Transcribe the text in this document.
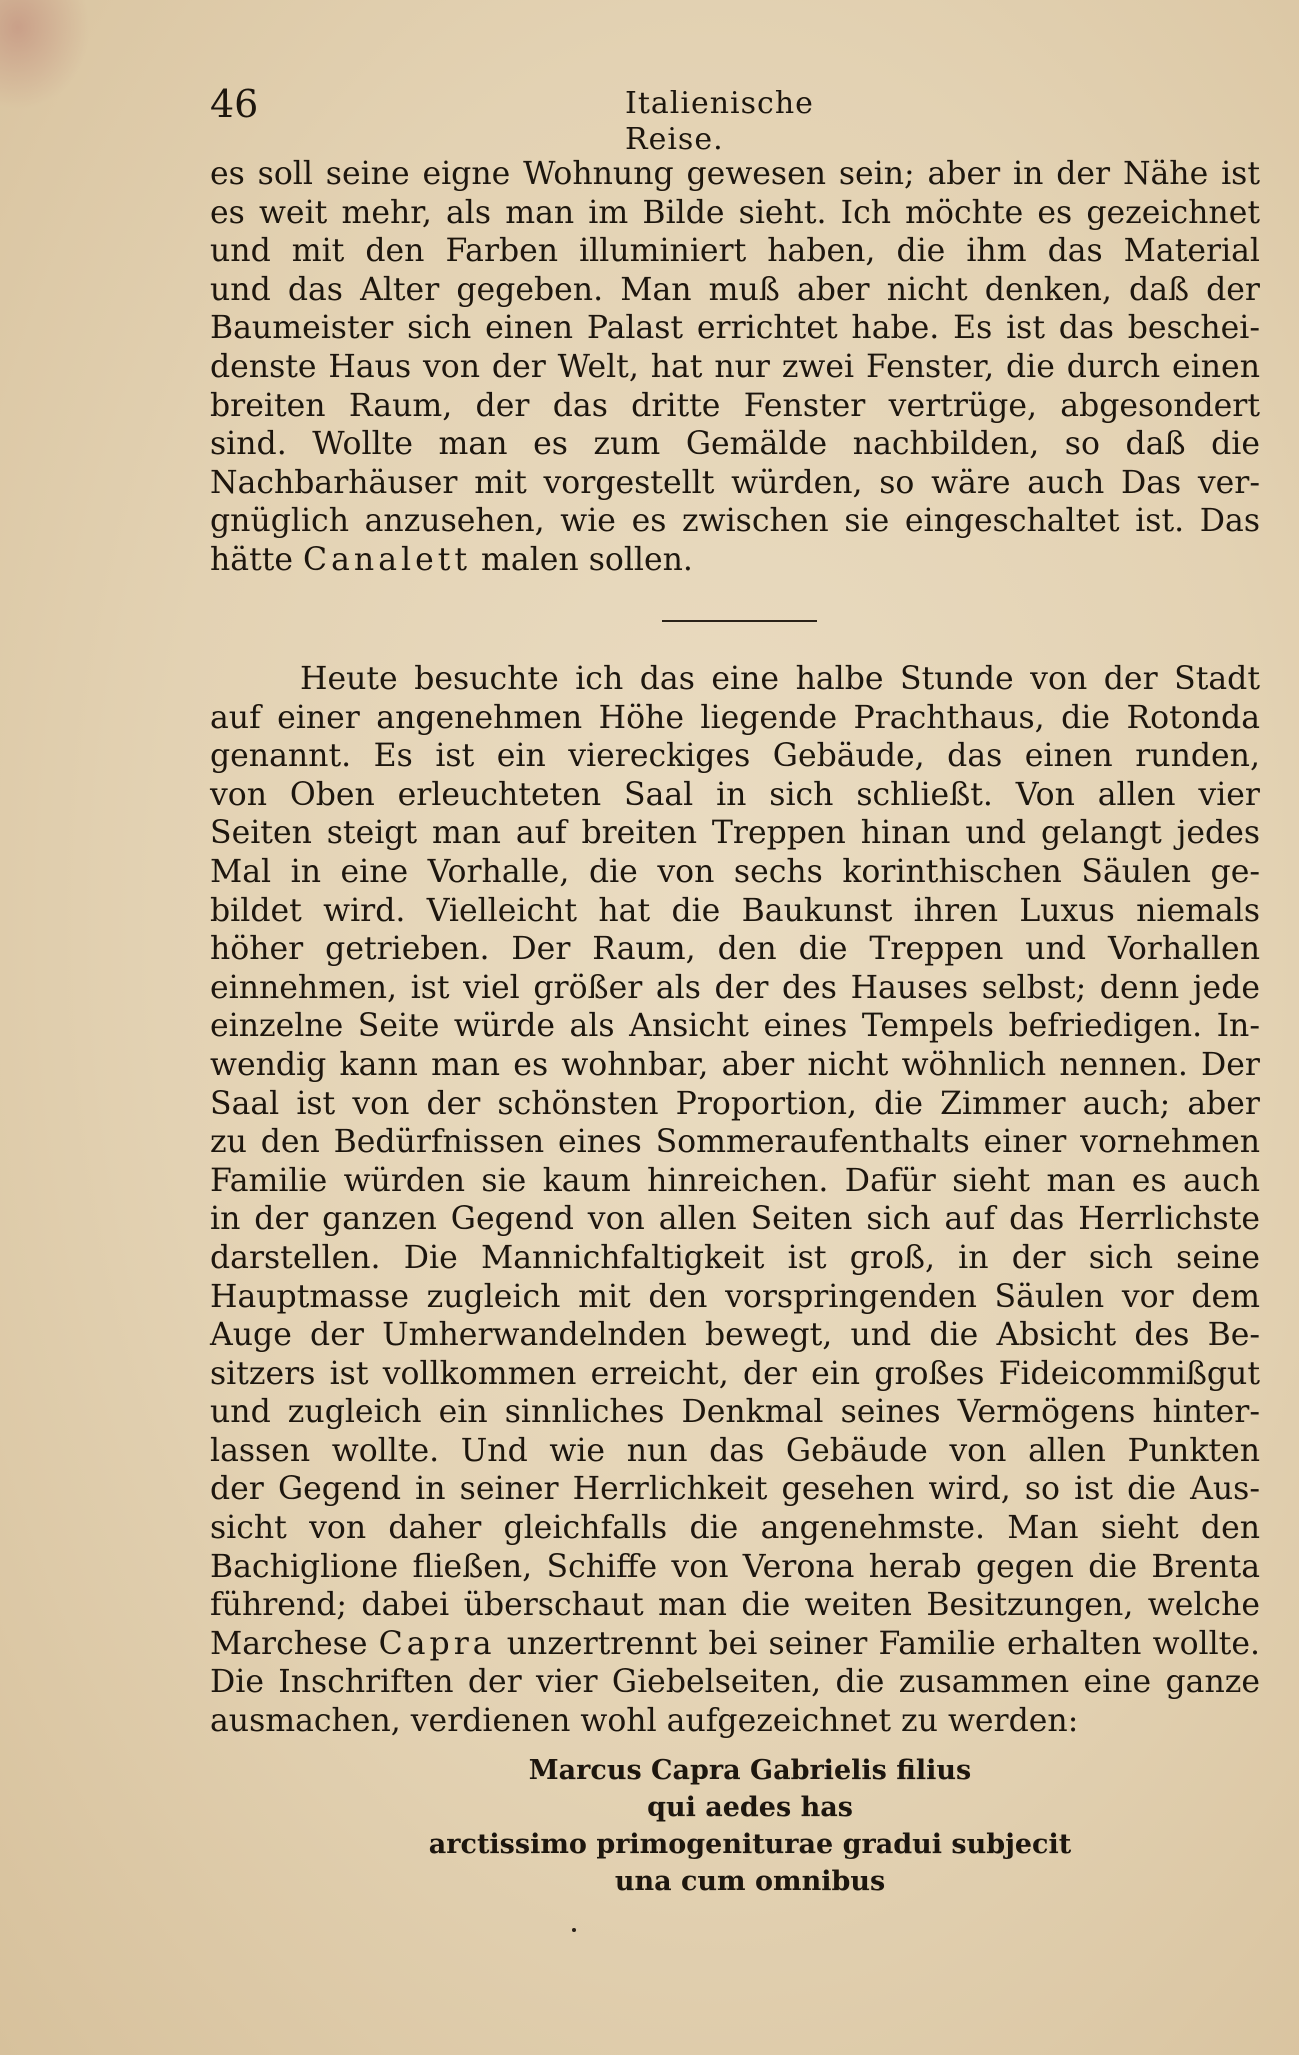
46	Italienische Reise.
es soll seine eigne Wohnung gewesen sein; aber in der Nähe ist
es weit mehr, als man im Bilde sieht. Ich möchte es gezeichnet
und mit den Farben illuminiert haben, die ihm das Material
und das Alter gegeben. Man muß aber nicht denken, daß der
Baumeister sich einen Palast errichtet habe. Es ist das beschei-
denste Haus von der Welt, hat nur zwei Fenster, die durch einen
breiten Raum, der das dritte Fenster vertrüge, abgesondert
sind. Wollte man es zum Gemälde nachbilden, so daß die
Nachbarhäuser mit vorgestellt würden, so wäre auch Das ver-
gnüglich anzusehen, wie es zwischen sie eingeschaltet ist. Das
hätte Canalett malen sollen.
Heute besuchte ich das eine halbe Stunde von der Stadt
auf einer angenehmen Höhe liegende Prachthaus, die Rotonda
genannt. Es ist ein viereckiges Gebäude, das einen runden,
von Oben erleuchteten Saal in sich schließt. Von allen vier
Seiten steigt man auf breiten Treppen hinan und gelangt jedes
Mal in eine Vorhalle, die von sechs korinthischen Säulen ge-
bildet wird. Vielleicht hat die Baukunst ihren Luxus niemals
höher getrieben. Der Raum, den die Treppen und Vorhallen
einnehmen, ist viel größer als der des Hauses selbst; denn jede
einzelne Seite würde als Ansicht eines Tempels befriedigen. In-
wendig kann man es wohnbar, aber nicht wöhnlich nennen. Der
Saal ist von der schönsten Proportion, die Zimmer auch; aber
zu den Bedürfnissen eines Sommeraufenthalts einer vornehmen
Familie würden sie kaum hinreichen. Dafür sieht man es auch
in der ganzen Gegend von allen Seiten sich auf das Herrlichste
darstellen. Die Mannichfaltigkeit ist groß, in der sich seine
Hauptmasse zugleich mit den vorspringenden Säulen vor dem
Auge der Umherwandelnden bewegt, und die Absicht des Be-
sitzers ist vollkommen erreicht, der ein großes Fideicommißgut
und zugleich ein sinnliches Denkmal seines Vermögens hinter-
lassen wollte. Und wie nun das Gebäude von allen Punkten
der Gegend in seiner Herrlichkeit gesehen wird, so ist die Aus-
sicht von daher gleichfalls die angenehmste. Man sieht den
Bachiglione fließen, Schiffe von Verona herab gegen die Brenta
führend; dabei überschaut man die weiten Besitzungen, welche
Marchese Capra unzertrennt bei seiner Familie erhalten wollte.
Die Inschriften der vier Giebelseiten, die zusammen eine ganze
ausmachen, verdienen wohl aufgezeichnet zu werden:
Marcus Capra Gabrielis filius
qui aedes has
arctissimo primogeniturae gradui subjecit
una cum omnibus
